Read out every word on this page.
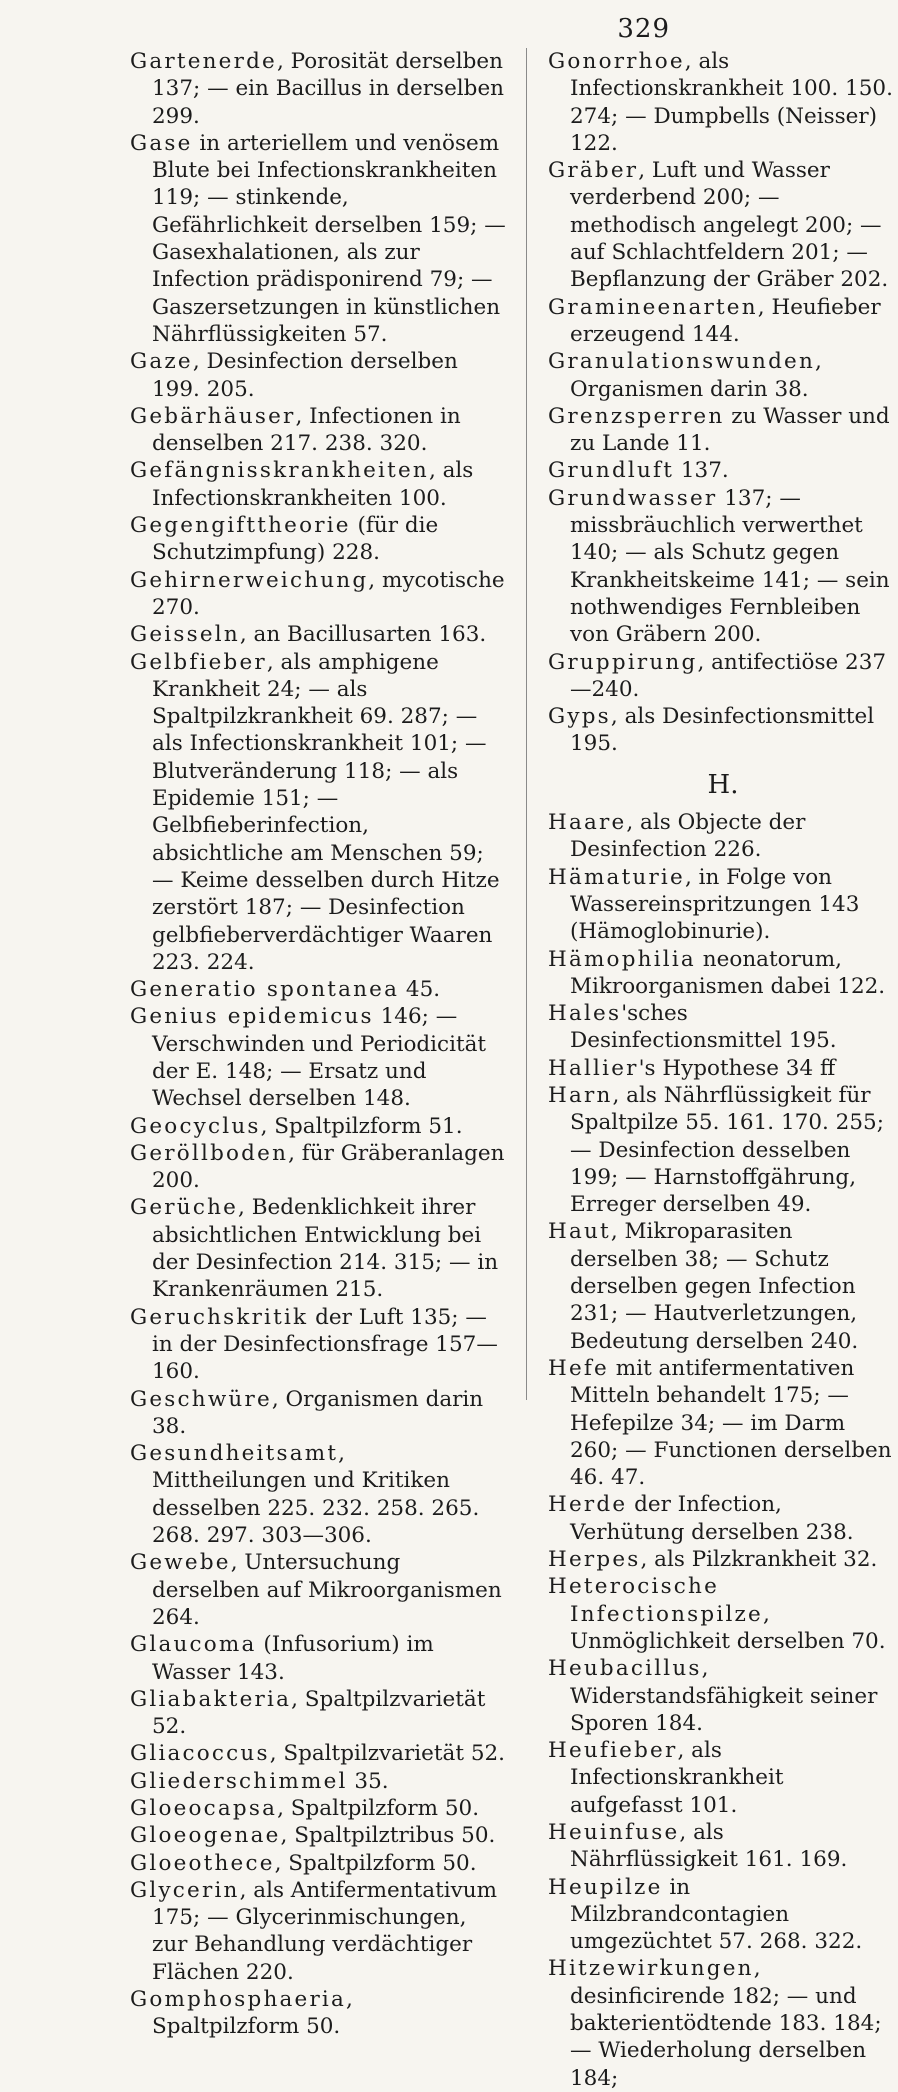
329

Gartenerde, Porosität derselben 137; — ein Bacillus in derselben 299.

Gase in arteriellem und venösem Blute bei Infectionskrankheiten 119; — stinkende, Gefährlichkeit derselben 159; — Gasexhalationen, als zur Infection prädisponirend 79; — Gaszersetzungen in künstlichen Nährflüssigkeiten 57.

Gaze, Desinfection derselben 199. 205.

Gebärhäuser, Infectionen in denselben 217. 238. 320.

Gefängnisskrankheiten, als Infectionskrankheiten 100.

Gegengifttheorie (für die Schutzimpfung) 228.

Gehirnerweichung, mycotische 270.

Geisseln, an Bacillusarten 163.

Gelbfieber, als amphigene Krankheit 24; — als Spaltpilzkrankheit 69. 287; — als Infectionskrankheit 101; — Blutveränderung 118; — als Epidemie 151; — Gelbfieberinfection, absichtliche am Menschen 59; — Keime desselben durch Hitze zerstört 187; — Desinfection gelbfieberverdächtiger Waaren 223. 224.

Generatio spontanea 45.

Genius epidemicus 146; — Verschwinden und Periodicität der E. 148; — Ersatz und Wechsel derselben 148.

Geocyclus, Spaltpilzform 51.

Geröllboden, für Gräberanlagen 200.

Gerüche, Bedenklichkeit ihrer absichtlichen Entwicklung bei der Desinfection 214. 315; — in Krankenräumen 215.

Geruchskritik der Luft 135; — in der Desinfectionsfrage 157—160.

Geschwüre, Organismen darin 38.

Gesundheitsamt, Mittheilungen und Kritiken desselben 225. 232. 258. 265. 268. 297. 303—306.

Gewebe, Untersuchung derselben auf Mikroorganismen 264.

Glaucoma (Infusorium) im Wasser 143.

Gliabakteria, Spaltpilzvarietät 52.

Gliacoccus, Spaltpilzvarietät 52.

Gliederschimmel 35.

Gloeocapsa, Spaltpilzform 50.

Gloeogenae, Spaltpilztribus 50.

Gloeothece, Spaltpilzform 50.

Glycerin, als Antifermentativum 175; — Glycerinmischungen, zur Behandlung verdächtiger Flächen 220.

Gomphosphaeria, Spaltpilzform 50.

Gonorrhoe, als Infectionskrankheit 100. 150. 274; — Dumpbells (Neisser) 122.

Gräber, Luft und Wasser verderbend 200; — methodisch angelegt 200; — auf Schlachtfeldern 201; — Bepflanzung der Gräber 202.

Gramineenarten, Heufieber erzeugend 144.

Granulationswunden, Organismen darin 38.

Grenzsperren zu Wasser und zu Lande 11.

Grundluft 137.

Grundwasser 137; — missbräuchlich verwerthet 140; — als Schutz gegen Krankheitskeime 141; — sein nothwendiges Fernbleiben von Gräbern 200.

Gruppirung, antifectiöse 237—240.

Gyps, als Desinfectionsmittel 195.

H.

Haare, als Objecte der Desinfection 226.

Hämaturie, in Folge von Wassereinspritzungen 143 (Hämoglobinurie).

Hämophilia neonatorum, Mikroorganismen dabei 122.

Hales'sches Desinfectionsmittel 195.

Hallier's Hypothese 34 ff

Harn, als Nährflüssigkeit für Spaltpilze 55. 161. 170. 255; — Desinfection desselben 199; — Harnstoffgährung, Erreger derselben 49.

Haut, Mikroparasiten derselben 38; — Schutz derselben gegen Infection 231; — Hautverletzungen, Bedeutung derselben 240.

Hefe mit antifermentativen Mitteln behandelt 175; — Hefepilze 34; — im Darm 260; — Functionen derselben 46. 47.

Herde der Infection, Verhütung derselben 238.

Herpes, als Pilzkrankheit 32.

Heterocische Infectionspilze, Unmöglichkeit derselben 70.

Heubacillus, Widerstandsfähigkeit seiner Sporen 184.

Heufieber, als Infectionskrankheit aufgefasst 101.

Heuinfuse, als Nährflüssigkeit 161. 169.

Heupilze in Milzbrandcontagien umgezüchtet 57. 268. 322.

Hitzewirkungen, desinficirende 182; — und bakterientödtende 183. 184; — Wiederholung derselben 184;
